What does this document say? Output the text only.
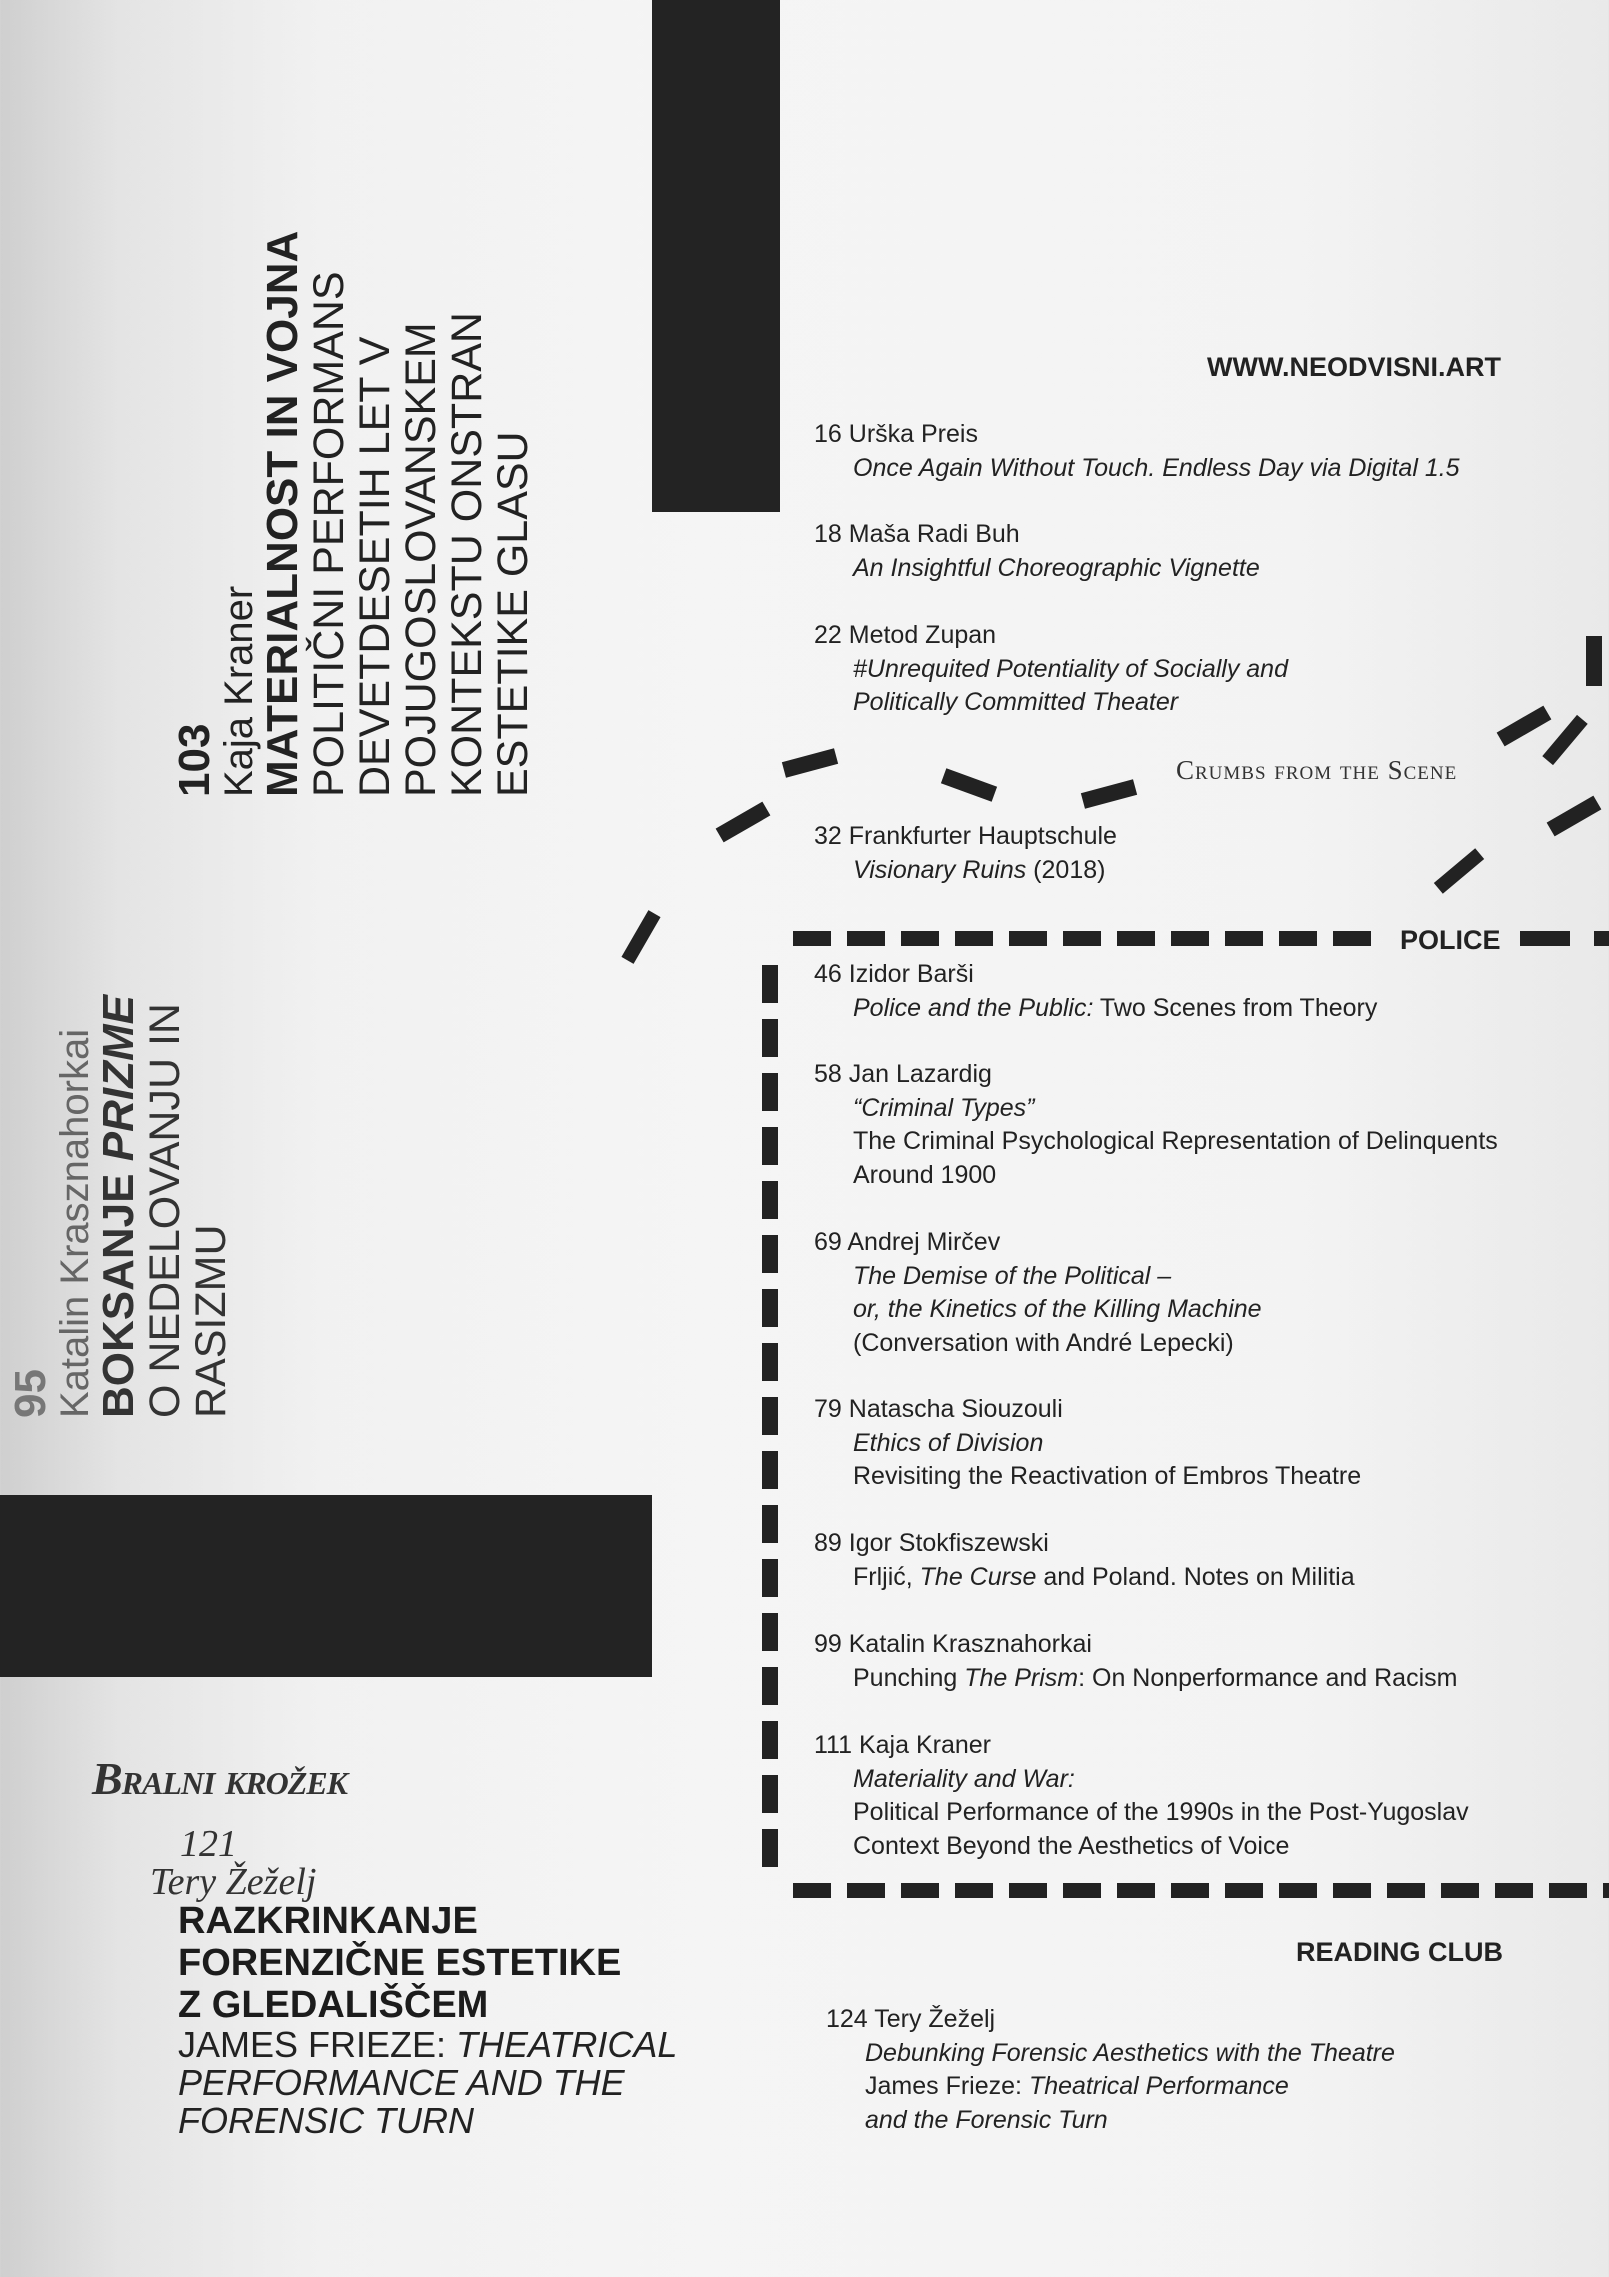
103
Kaja Kraner
MATERIALNOST IN VOJNA
POLITIČNI PERFORMANS
DEVETDESETIH LET V
POJUGOSLOVANSKEM
KONTEKSTU ONSTRAN
ESTETIKE GLASU
95
Katalin Krasznahorkai
BOKSANJE PRIZME
O NEDELOVANJU IN
RASIZMU
Bralni krožek
121
Tery Žeželj
RAZKRINKANJE
FORENZIČNE ESTETIKE
Z GLEDALIŠČEM
JAMES FRIEZE: THEATRICAL
PERFORMANCE AND THE
FORENSIC TURN
WWW.NEODVISNI.ART
Crumbs from the Scene
POLICE
READING CLUB
16 Urška Preis
Once Again Without Touch. Endless Day via Digital 1.5
18 Maša Radi Buh
An Insightful Choreographic Vignette
22 Metod Zupan
#Unrequited Potentiality of Socially and
Politically Committed Theater
32 Frankfurter Hauptschule
Visionary Ruins (2018)
46 Izidor Barši
Police and the Public: Two Scenes from Theory
58 Jan Lazardig
“Criminal Types”
The Criminal Psychological Representation of Delinquents
Around 1900
69 Andrej Mirčev
The Demise of the Political –
or, the Kinetics of the Killing Machine
(Conversation with André Lepecki)
79 Natascha Siouzouli
Ethics of Division
Revisiting the Reactivation of Embros Theatre
89 Igor Stokfiszewski
Frljić, The Curse and Poland. Notes on Militia
99 Katalin Krasznahorkai
Punching The Prism: On Nonperformance and Racism
111 Kaja Kraner
Materiality and War:
Political Performance of the 1990s in the Post-Yugoslav
Context Beyond the Aesthetics of Voice
124 Tery Žeželj
Debunking Forensic Aesthetics with the Theatre
James Frieze: Theatrical Performance
and the Forensic Turn
